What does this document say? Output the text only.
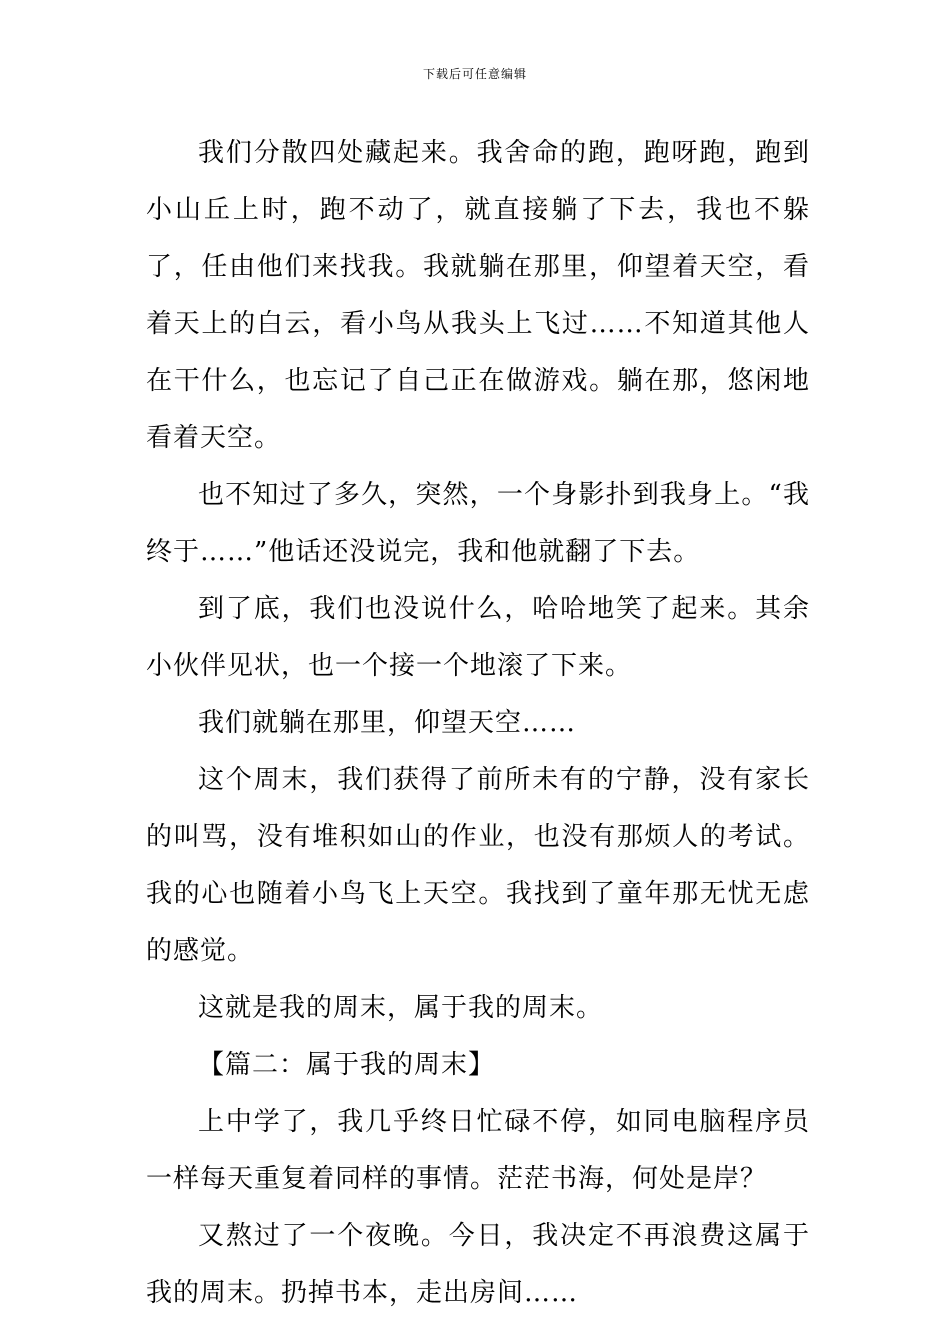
下载后可任意编辑

我们分散四处藏起来。我舍命的跑，跑呀跑，跑到小山丘上时，跑不动了，就直接躺了下去，我也不躲了，任由他们来找我。我就躺在那里，仰望着天空，看着天上的白云，看小鸟从我头上飞过……不知道其他人在干什么，也忘记了自己正在做游戏。躺在那，悠闲地看着天空。

也不知过了多久，突然，一个身影扑到我身上。“我终于……”他话还没说完，我和他就翻了下去。

到了底，我们也没说什么，哈哈地笑了起来。其余小伙伴见状，也一个接一个地滚了下来。

我们就躺在那里，仰望天空……

这个周末，我们获得了前所未有的宁静，没有家长的叫骂，没有堆积如山的作业，也没有那烦人的考试。我的心也随着小鸟飞上天空。我找到了童年那无忧无虑的感觉。

这就是我的周末，属于我的周末。

【篇二：属于我的周末】

上中学了，我几乎终日忙碌不停，如同电脑程序员一样每天重复着同样的事情。茫茫书海，何处是岸？

又熬过了一个夜晚。今日，我决定不再浪费这属于我的周末。扔掉书本，走出房间……
